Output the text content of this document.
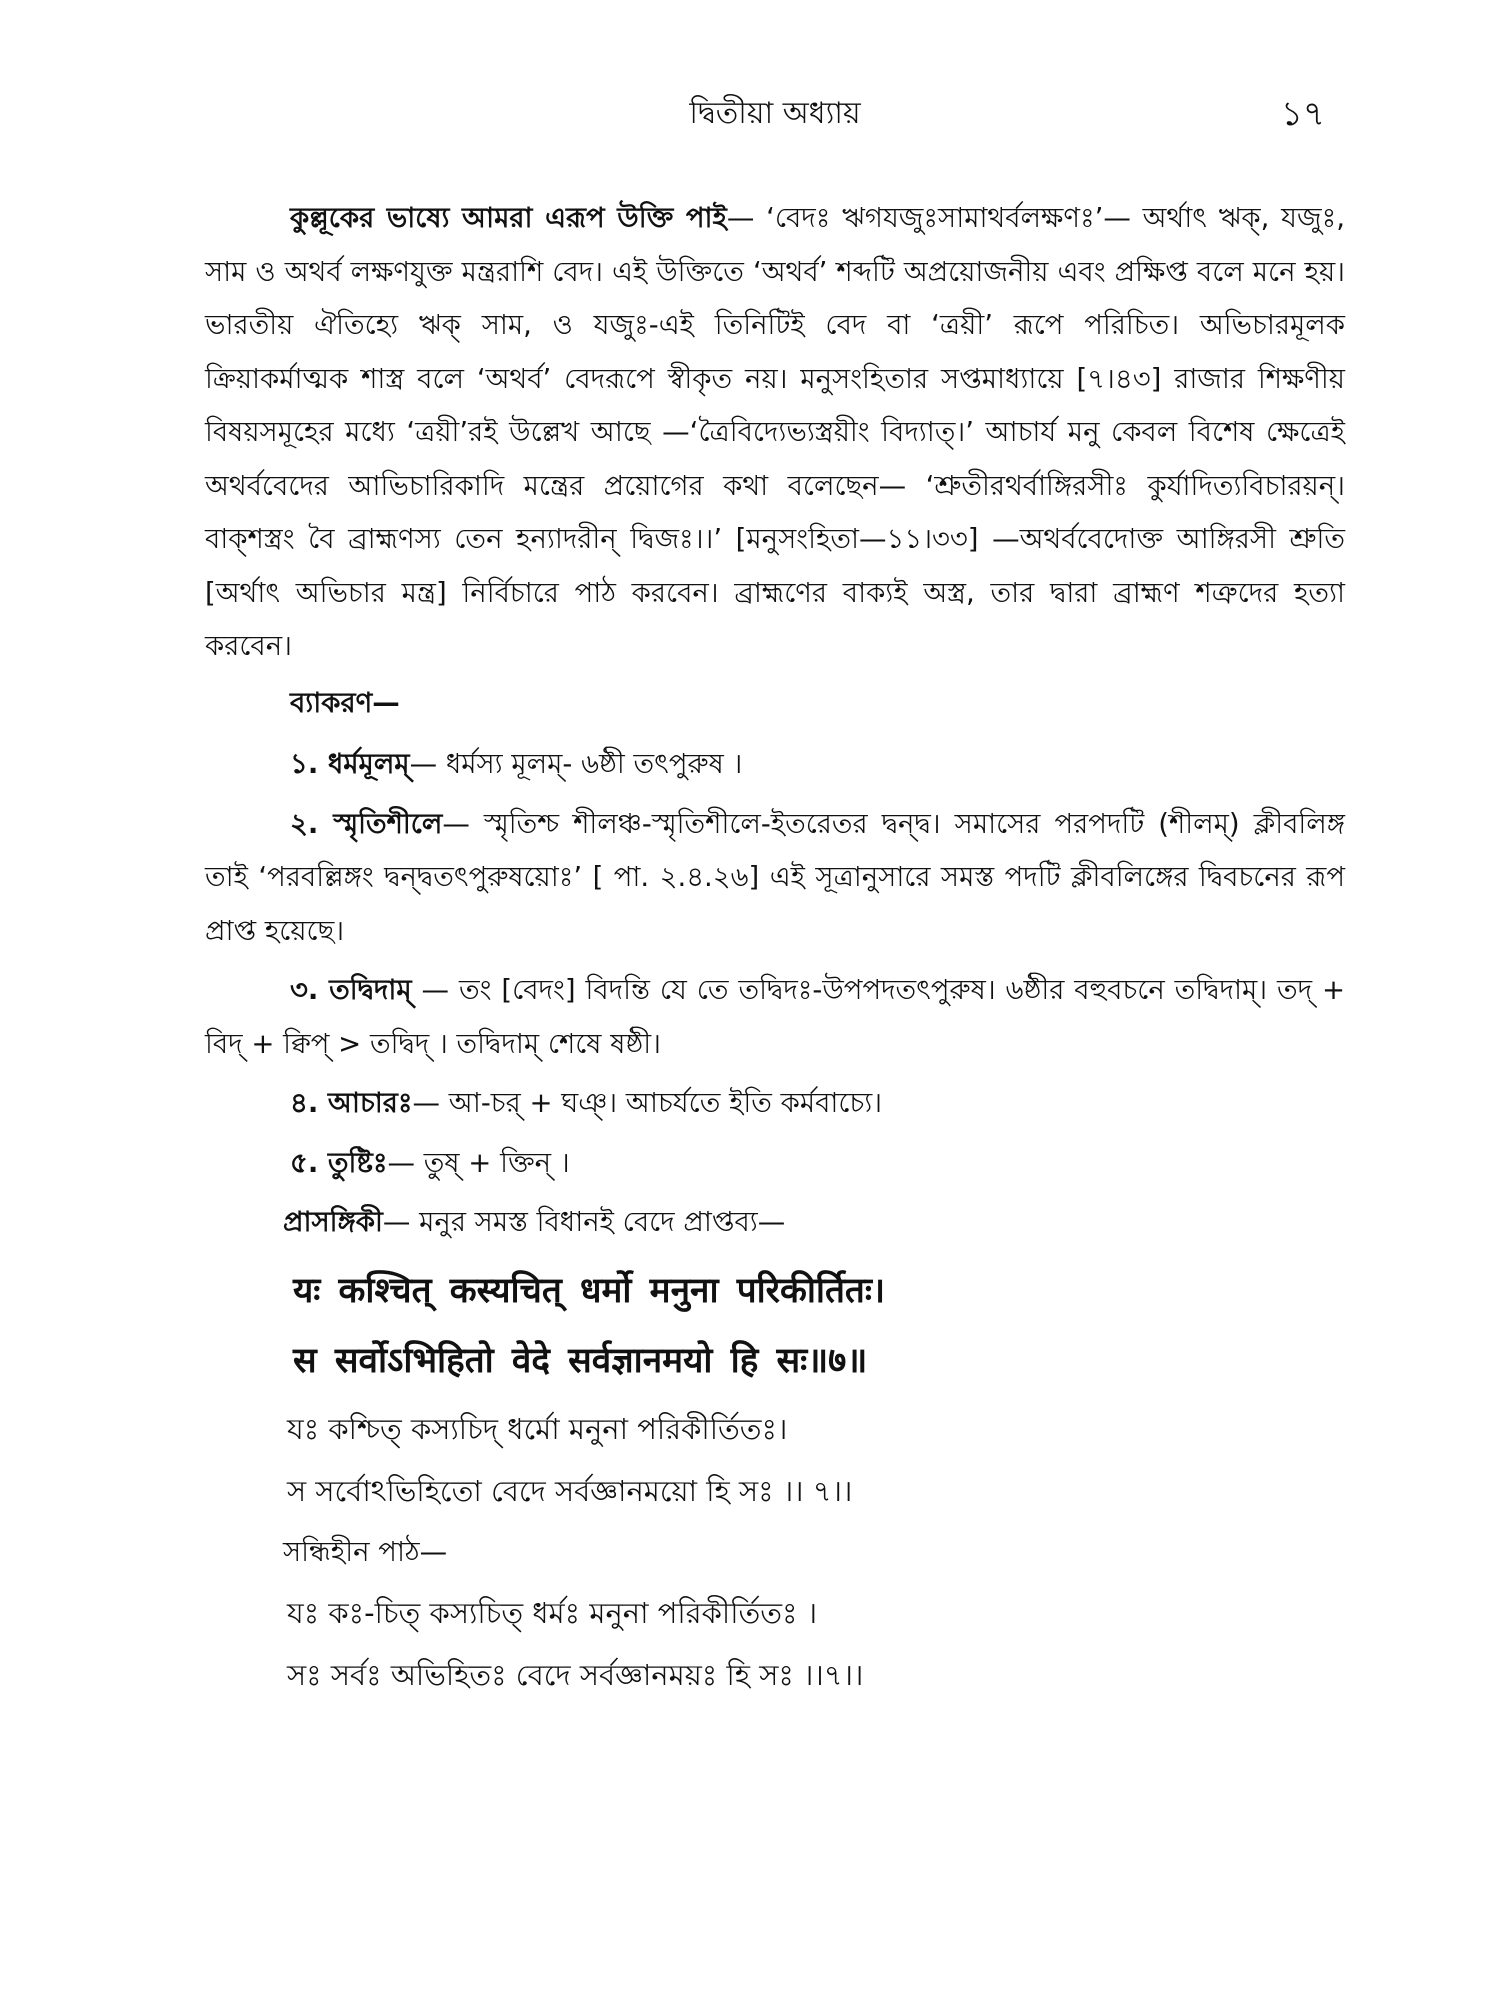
দ্বিতীয়া অধ্যায়	১৭

কুল্লূকের ভাষ্যে আমরা এরূপ উক্তি পাই— ‘বেদঃ ঋগযজুঃসামাথর্বলক্ষণঃ’— অর্থাৎ ঋক্, যজুঃ, সাম ও অথর্ব লক্ষণযুক্ত মন্ত্ররাশি বেদ। এই উক্তিতে ‘অথর্ব’ শব্দটি অপ্রয়োজনীয় এবং প্রক্ষিপ্ত বলে মনে হয়। ভারতীয় ঐতিহ্যে ঋক্ সাম, ও যজুঃ-এই তিনিটিই বেদ বা ‘ত্রয়ী’ রূপে পরিচিত। অভিচারমূলক ক্রিয়াকর্মাত্মক শাস্ত্র বলে ‘অথর্ব’ বেদরূপে স্বীকৃত নয়। মনুসংহিতার সপ্তমাধ্যায়ে [৭।৪৩] রাজার শিক্ষণীয় বিষয়সমূহের মধ্যে ‘ত্রয়ী’রই উল্লেখ আছে —‘ত্রৈবিদ্যেভ্যস্ত্রয়ীং বিদ্যাত্।’ আচার্য মনু কেবল বিশেষ ক্ষেত্রেই অথর্ববেদের আভিচারিকাদি মন্ত্রের প্রয়োগের কথা বলেছেন— ‘শ্রুতীরথর্বাঙ্গিরসীঃ কুর্যাদিত্যবিচারয়ন্। বাক্শস্ত্রং বৈ ব্রাহ্মণস্য তেন হন্যাদরীন্ দ্বিজঃ।।’ [মনুসংহিতা—১১।৩৩] —অথর্ববেদোক্ত আঙ্গিরসী শ্রুতি [অর্থাৎ অভিচার মন্ত্র] নির্বিচারে পাঠ করবেন। ব্রাহ্মণের বাক্যই অস্ত্র, তার দ্বারা ব্রাহ্মণ শত্রুদের হত্যা করবেন।

ব্যাকরণ—
১. ধর্মমূলম্— ধর্মস্য মূলম্- ৬ষ্ঠী তৎপুরুষ ।
২. স্মৃতিশীলে— স্মৃতিশ্চ শীলঞ্চ-স্মৃতিশীলে-ইতরেতর দ্বন্দ্ব। সমাসের পরপদটি (শীলম্) ক্লীবলিঙ্গ তাই ‘পরবল্লিঙ্গং দ্বন্দ্বতৎপুরুষয়োঃ’ [ পা. ২.৪.২৬] এই সূত্রানুসারে সমস্ত পদটি ক্লীবলিঙ্গের দ্বিবচনের রূপ প্রাপ্ত হয়েছে।
৩. তদ্বিদাম্ — তং [বেদং] বিদন্তি যে তে তদ্বিদঃ-উপপদতৎপুরুষ। ৬ষ্ঠীর বহুবচনে তদ্বিদাম্। তদ্ + বিদ্ + ক্বিপ্ > তদ্বিদ্ । তদ্বিদাম্ শেষে ষষ্ঠী।
৪. আচারঃ— আ-চর্ + ঘঞ্। আচর্যতে ইতি কর্মবাচ্যে।
৫. তুষ্টিঃ— তুষ্ + ক্তিন্ ।
প্রাসঙ্গিকী— মনুর সমস্ত বিধানই বেদে প্রাপ্তব্য—
यः कश्चित् कस्यचित् धर्मो मनुना परिकीर्तितः।
स सर्वोऽभिहितो वेदे सर्वज्ञानमयो हि सः॥७॥
যঃ কশ্চিত্ কস্যচিদ্ ধর্মো মনুনা পরিকীর্তিতঃ।
স সর্বোঽভিহিতো বেদে সর্বজ্ঞানময়ো হি সঃ ।। ৭।।
সন্ধিহীন পাঠ—
যঃ কঃ-চিত্ কস্যচিত্ ধর্মঃ মনুনা পরিকীর্তিতঃ ।
সঃ সর্বঃ অভিহিতঃ বেদে সর্বজ্ঞানময়ঃ হি সঃ ।।৭।।
